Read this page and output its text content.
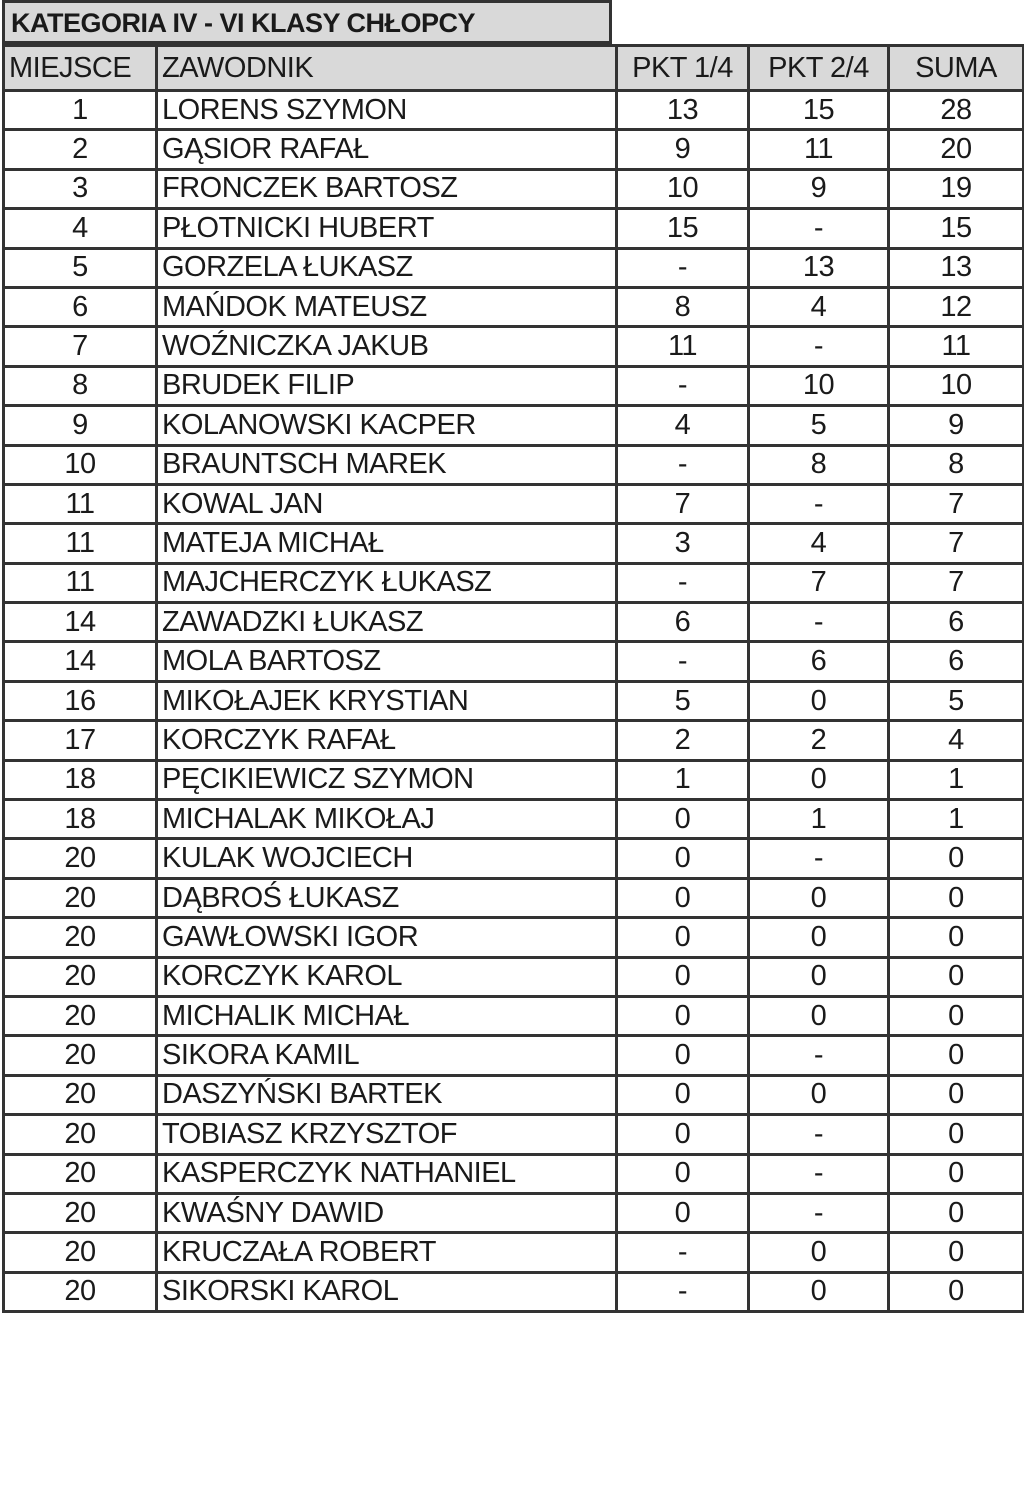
KATEGORIA IV - VI KLASY CHŁOPCY
MIEJSCE	ZAWODNIK	PKT 1/4	PKT 2/4	SUMA
1	LORENS SZYMON	13	15	28
2	GĄSIOR RAFAŁ	9	11	20
3	FRONCZEK BARTOSZ	10	9	19
4	PŁOTNICKI HUBERT	15	-	15
5	GORZELA ŁUKASZ	-	13	13
6	MAŃDOK MATEUSZ	8	4	12
7	WOŹNICZKA JAKUB	11	-	11
8	BRUDEK FILIP	-	10	10
9	KOLANOWSKI KACPER	4	5	9
10	BRAUNTSCH MAREK	-	8	8
11	KOWAL JAN	7	-	7
11	MATEJA MICHAŁ	3	4	7
11	MAJCHERCZYK ŁUKASZ	-	7	7
14	ZAWADZKI ŁUKASZ	6	-	6
14	MOLA BARTOSZ	-	6	6
16	MIKOŁAJEK KRYSTIAN	5	0	5
17	KORCZYK RAFAŁ	2	2	4
18	PĘCIKIEWICZ SZYMON	1	0	1
18	MICHALAK MIKOŁAJ	0	1	1
20	KULAK WOJCIECH	0	-	0
20	DĄBROŚ ŁUKASZ	0	0	0
20	GAWŁOWSKI IGOR	0	0	0
20	KORCZYK KAROL	0	0	0
20	MICHALIK MICHAŁ	0	0	0
20	SIKORA KAMIL	0	-	0
20	DASZYŃSKI BARTEK	0	0	0
20	TOBIASZ KRZYSZTOF	0	-	0
20	KASPERCZYK NATHANIEL	0	-	0
20	KWAŚNY DAWID	0	-	0
20	KRUCZAŁA ROBERT	-	0	0
20	SIKORSKI KAROL	-	0	0
